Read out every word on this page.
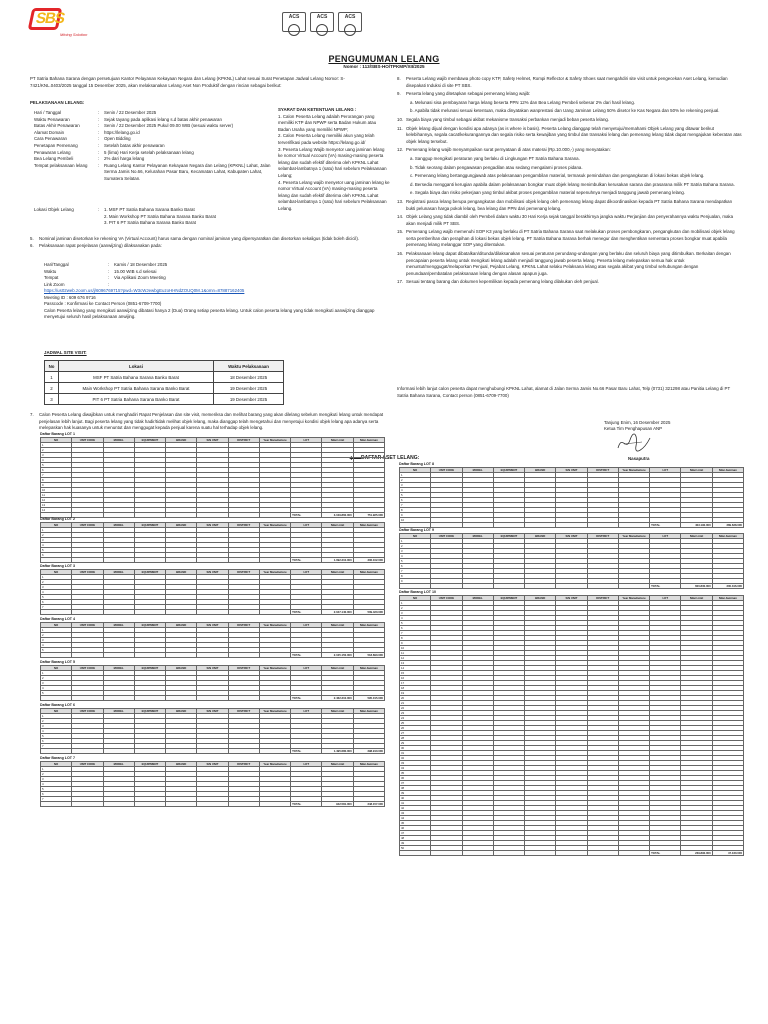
SBS
Mining Solution
ACS	ACS	ACS
PENGUMUMAN LELANG
Nomor : 113/SBS-HO/TPKMP/XII/2025
PT Satria Bahana Sarana dengan persetujuan Kantor Pelayanan Kekayaan Negara dan Lelang (KPKNL) Lahat sesuai Surat Penetapan Jadwal Lelang Nomor: S-7421/KNL.0403/2025 tanggal 15 Desember 2025, akan melaksanakan Lelang Aset Non Produktif dengan rincian sebagai berikut:
PELAKSANAAN LELANG:
Hari / Tanggal	:	Senin / 22 Desember 2025
Waktu Penawaran	:	Sejak tayang pada aplikasi lelang s.d batas akhir penawaran
Batas Akhir Penawaran	:	Senin / 22 Desember 2025 Pukul 09.00 WIB (sesuai waktu server)
Alamat Domain	:	https://lelang.go.id
Cara Penawaran	:	Open Bidding
Penetapan Pemenang	:	Setelah batas akhir penawaran
Penawaran Lelang	:	5 (lima) Hari Kerja setelah pelaksanaan lelang
Bea Lelang Pembeli	:	2% dari harga lelang
Tempat pelaksanaan lelang	:	Ruang Lelang Kantor Pelayanan Kekayaan Negara dan Lelang (KPKNL) Lahat, Jalan Serma Jamis No.66, Kelurahan Pasar Baru, Kecamatan Lahat, Kabupaten Lahat, Sumatera Selatan.
Lokasi Objek Lelang	:	1. MSF PT Satria Bahana Sarana Banko Barat
2. Main Workshop PT Satria Bahana Sarana Banko Barat
3. PIT 6 PT Satria Bahana Sarana Banko Barat
SYARAT DAN KETENTUAN LELANG :
1. Calon Peserta Lelang adalah Perorangan yang memiliki KTP dan NPWP serta Badan Hukum atau Badan Usaha yang memiliki NPWP;
2. Calon Peserta Lelang memiliki akun yang telah terverifikasi pada website https://lelang.go.id/
3. Peserta Lelang Wajib menyetor uang jaminan lelang ke nomor Virtual Account (VA) masing-masing peserta lelang dan sudah efektif diterima oleh KPKNL Lahat selambat-lambatnya 1 (satu) hari sebelum Pelaksanaan Lelang;
4. Peserta Lelang wajib menyetor uang jaminan lelang ke nomor Virtual Account (VA) masing-masing peserta lelang dan sudah efektif diterima oleh KPKNL Lahat selambat-lambatnya 1 (satu) hari sebelum Pelaksanaan Lelang.
5.	Nominal jaminan disetorkan ke rekening VA (Virtual Account) harus sama dengan nominal jaminan yang dipersyaratkan dan disetorkan sekaligus (tidak boleh dicicil).
6.	Pelaksanaan rapat penjelasan (aanwijzing) dilaksanakan pada:
Hari/Tanggal	:	Kamis / 18 Desember 2025
Waktu	:	15.00 WIB s.d selesai
Tempat	:	Via Aplikasi Zoom Meeting
Link Zoom	:
https://us02web.zoom.us/j/6096769715?pwd=W3cWJewbgEuzoHHNdZOUQ0M.1&omn=87887162405
Meeting ID : 609 676 9716
Passcode : Konfirmasi ke Contact Person (0851-6709-7700)
Calon Peserta lelang yang mengikuti aanwijzing dibatasi hanya 2 (Dua) Orang setiap peserta lelang. Untuk calon peserta lelang yang tidak mengikuti aanwijzing dianggap menyetujui seluruh hasil pelaksanaan anwijing.
JADWAL SITE VISIT:
No	Lokasi	Waktu Pelaksanaan
1	MSF PT Satria Bahana Sarana Banko Barat	18 Desember 2025
2	Main Workshop PT Satria Bahana Sarana Banko Barat	19 Desember 2025
3	PIT 6 PT Satria Bahana Sarana Banko Barat	19 Desember 2025
7.	Calon Peserta Lelang diwajibkan untuk menghadiri Rapat Penjelasan dan site visit, memeriksa dan melihat barang yang akan dilelang sebelum mengikuti lelang untuk mendapat penjelasan lebih lanjut. Bagi peserta lelang yang tidak hadir/tidak melihat objek lelang, maka dianggap telah mengetahui dan menyetujui kondisi objek lelang apa adanya serta melepaskan hak kuasanya untuk menuntut dan menggugat kepada penjual karena suatu hal terhadap objek lelang.
8.	Peserta Lelang wajib membawa photo copy KTP, Safety Helmet, Rompi Reflector & Safety Shoes saat mengahdiri site visit untuk pengecekan Aset Lelang, kemudian disepakati Induksi di site PT SBS.
9.	Peserta lelang yang ditetapkan sebagai pemenang lelang wajib:
a. Melunasi sisa pembayaran harga lelang beserta PPN 12% dan Bea Lelang Pembeli sebesar 2% dari hasil lelang.
b. Apabila tidak melunasi sesuai ketentuan, maka dinyatakan wanprestasi dan Uang Jaminan Lelang 50% disetor ke Kas Negara dan 50% ke rekening penjual.
10. Segala biaya yang timbul sebagai akibat mekanisme transaksi perbankan menjadi beban peserta lelang.
11. Objek lelang dijual dengan kondisi apa adanya (as is where is basis). Peserta Lelang dianggap telah menyetujui/memahami Objek Lelang yang ditawar berikut kelebihannya, segala cacat/kekurangannya dan segala risiko serta kewajiban yang timbul dan transaksi lelang dan pemenang lelang tidak dapat mengajukan keberatan atas objek lelang tersebut.
12. Pemenang lelang wajib menyampaikan surat pernyataan di atas materai (Rp.10.000,-) yang menyatakan:
a. Sanggup mengikuti peraturan yang berlaku di Lingkungan PT Satria Bahana Sarana.
b. Tidak seorang dalam pengawasan pengadilan atau sedang mengalami proses pidana.
c. Pemenang lelang bertanggungjawab atas pelaksanaan pengambilan material, termasuk pemindahan dan pengangkutan di lokasi bekas objek lelang.
d. Bersedia mengganti kerugian apabila dalam pelaksanaan bongkar muat objek lelang menimbulkan kerusakan sarana dan prasarana milik PT Satria Bahana Sarana.
e. Segala biaya dan risiko pekerjaan yang timbul akibat proses pengambilan material sepenuhnya menjadi tanggung jawab pemenang lelang.
13. Registrasi pasca lelang berupa pengangkutan dan mobilisasi objek lelang oleh pemenang lelang dapat dikoordinasikan kepada PT Satria Bahana Sarana mendapatkan bukti pelunasan harga pokok lelang, bea lelang dan PPN dari pemenang lelang.
14. Objek Lelang yang tidak diambil oleh Pembeli dalam waktu 30 Hari Kerja sejak tanggal berakhirnya jangka waktu Perjanjian dan penyerahannya waktu Penjualan, maka akan menjadi milik PT SBS.
15. Pemenang Lelang wajib memenuhi SOP K3 yang berlaku di PT Satria Bahana Sarana saat melakukan proses pembongkaran, pengangkutan dan mobilisasi objek lelang serta pemberihan dan perapihan di lokasi bekas objek lelang. PT Satria Bahana Sarana berhak menegur dan menghentikan sementara proses bongkar muat apabila pemenang lelang melanggar SOP yang ditentukan.
16. Pelaksanaan lelang dapat dibatalkan/ditunda/dilaksanakan sesuai peraturan perundang-undangan yang berlaku dan seluruh biaya yang ditimbulkan. Berkaitan dengan pencapaian peserta lelang untuk mengikuti lelang adalah menjadi tanggung jawab peserta lelang. Peserta lelang melepaskan semua hak untuk menuntut/menggugat/melaporkan Penjual, Pejabat Lelang, KPKNL Lahat selaku Pelaksana lelang atas segala akibat yang timbul sehubungan dengan penundaan/pembatalan pelaksanaan lelang dengan alasan apapun juga.
17. Sesuai tentang barang dan dokumen kepemilikan kepada pemenang lelang dilakukan oleh penjual.
Informasi lebih lanjut calon peserta dapat menghubungi KPKNL Lahat, alamat di Jalan Serma Jamis No.66 Pasar Baru Lahat, Telp (0731) 321298 atau Panitia Lelang di PT Satria Bahana Sarana, Contact person (0851-6709-7700)
Tanjung Enim, 16 Desember 2025
Ketua Tim Penghapusan ANP
Nasaputra
DAFTAR ASET LELANG:
Daftar Barang LOT 1
NO	UNIT CODE	MODEL	EQUIPMENT	BRAND	S/N UNIT	DISTRICT	Year Manufacture	LOT	Nilai Limit	Nilai Jaminan
1										
2										
3										
4										
5										
6										
7										
8										
9										
10										
11										
12										
13										
14										
								TOTAL	3.109.860.000	751.925.000
Daftar Barang LOT 2
NO	UNIT CODE	MODEL	EQUIPMENT	BRAND	S/N UNIT	DISTRICT	Year Manufacture	LOT	Nilai Limit	Nilai Jaminan
1										
2										
3										
4										
5										
6										
								TOTAL	1.092.310.000	306.102.000
Daftar Barang LOT 3
NO	UNIT CODE	MODEL	EQUIPMENT	BRAND	S/N UNIT	DISTRICT	Year Manufacture	LOT	Nilai Limit	Nilai Jaminan
1										
2										
3										
4										
5										
6										
7										
								TOTAL	2.047.140.000	509.420.000
Daftar Barang LOT 4
NO	UNIT CODE	MODEL	EQUIPMENT	BRAND	S/N UNIT	DISTRICT	Year Manufacture	LOT	Nilai Limit	Nilai Jaminan
1										
2										
3										
4										
5										
								TOTAL	2.105.150.000	518.690.000
Daftar Barang LOT 5
NO	UNIT CODE	MODEL	EQUIPMENT	BRAND	S/N UNIT	DISTRICT	Year Manufacture	LOT	Nilai Limit	Nilai Jaminan
1										
2										
3										
4										
5										
								TOTAL	2.462.310.000	595.015.000
Daftar Barang LOT 6
NO	UNIT CODE	MODEL	EQUIPMENT	BRAND	S/N UNIT	DISTRICT	Year Manufacture	LOT	Nilai Limit	Nilai Jaminan
1										
2										
3										
4										
5										
6										
7										
								TOTAL	1.495.680.000	298.910.000
Daftar Barang LOT 7
NO	UNIT CODE	MODEL	EQUIPMENT	BRAND	S/N UNIT	DISTRICT	Year Manufacture	LOT	Nilai Limit	Nilai Jaminan
1										
2										
3										
4										
5										
6										
7										
								TOTAL	942.581.000	248.157.000
Daftar Barang LOT 8
NO	UNIT CODE	MODEL	EQUIPMENT	BRAND	S/N UNIT	DISTRICT	Year Manufacture	LOT	Nilai Limit	Nilai Jaminan
1										
2										
3										
4										
5										
6										
7										
8										
9										
10										
								TOTAL	403.190.000	289.638.000
Daftar Barang LOT 9
NO	UNIT CODE	MODEL	EQUIPMENT	BRAND	S/N UNIT	DISTRICT	Year Manufacture	LOT	Nilai Limit	Nilai Jaminan
1										
2										
3										
4										
5										
6										
7										
8										
9										
								TOTAL	600.830.000	200.316.000
Daftar Barang LOT 10
NO	UNIT CODE	MODEL	EQUIPMENT	BRAND	S/N UNIT	DISTRICT	Year Manufacture	LOT	Nilai Limit	Nilai Jaminan
1										
2										
3										
4										
5										
6										
7										
8										
9										
10										
11										
12										
13										
14										
15										
16										
17										
18										
19										
20										
21										
22										
23										
24										
25										
26										
27										
28										
29										
30										
31										
32										
33										
34										
35										
36										
37										
38										
39										
40										
41										
42										
43										
44										
45										
46										
47										
48										
49										
50										
								TOTAL	239.890.000	47.160.000
